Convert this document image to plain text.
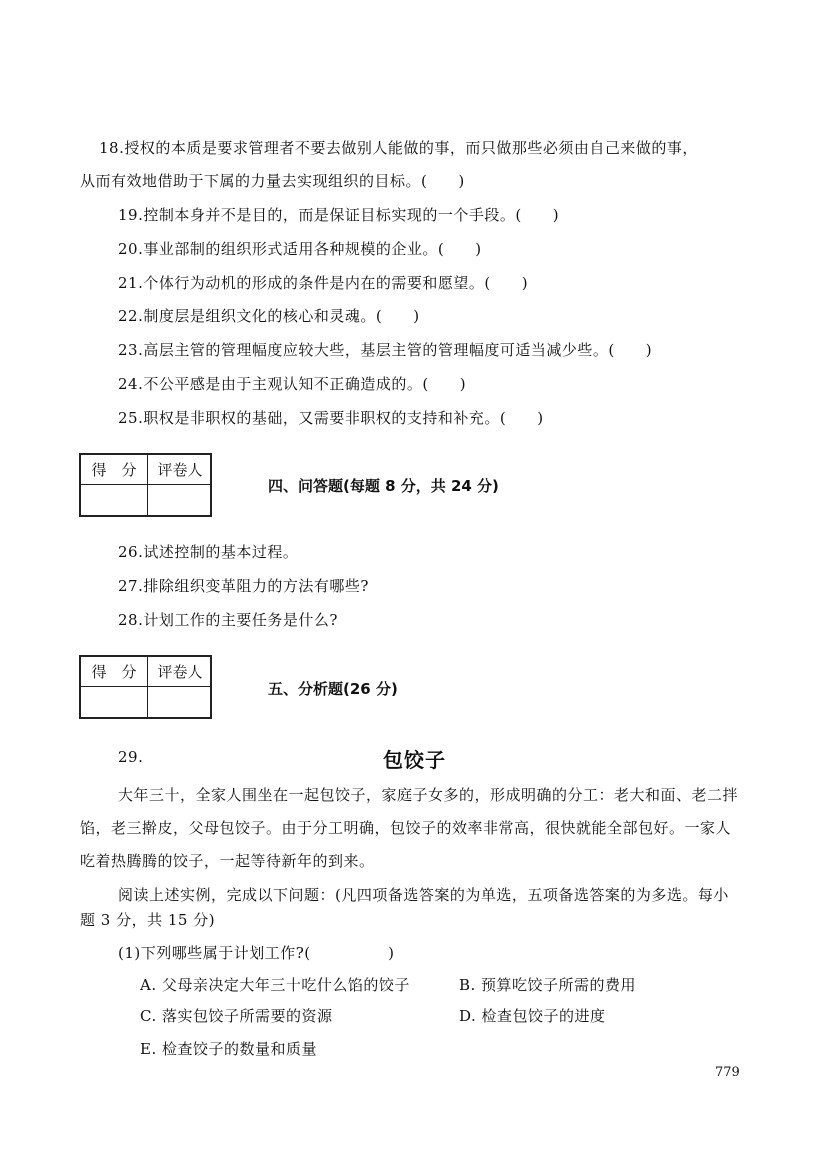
18.授权的本质是要求管理者不要去做别人能做的事，而只做那些必须由自己来做的事，
从而有效地借助于下属的力量去实现组织的目标。(　　)
19.控制本身并不是目的，而是保证目标实现的一个手段。(　　)
20.事业部制的组织形式适用各种规模的企业。(　　)
21.个体行为动机的形成的条件是内在的需要和愿望。(　　)
22.制度层是组织文化的核心和灵魂。(　　)
23.高层主管的管理幅度应较大些，基层主管的管理幅度可适当减少些。(　　)
24.不公平感是由于主观认知不正确造成的。(　　)
25.职权是非职权的基础，又需要非职权的支持和补充。(　　)
得　分	评卷人
四、问答题(每题 8 分，共 24 分)
26.试述控制的基本过程。
27.排除组织变革阻力的方法有哪些?
28.计划工作的主要任务是什么?
得　分	评卷人
五、分析题(26 分)
29.	包饺子
大年三十，全家人围坐在一起包饺子，家庭子女多的，形成明确的分工：老大和面、老二拌
馅，老三擀皮，父母包饺子。由于分工明确，包饺子的效率非常高，很快就能全部包好。一家人
吃着热腾腾的饺子，一起等待新年的到来。
阅读上述实例，完成以下问题：(凡四项备选答案的为单选，五项备选答案的为多选。每小
题 3 分，共 15 分)
(1)下列哪些属于计划工作?(　　　　　)
A. 父母亲决定大年三十吃什么馅的饺子	B. 预算吃饺子所需的费用
C. 落实包饺子所需要的资源	D. 检查包饺子的进度
E. 检查饺子的数量和质量
779
